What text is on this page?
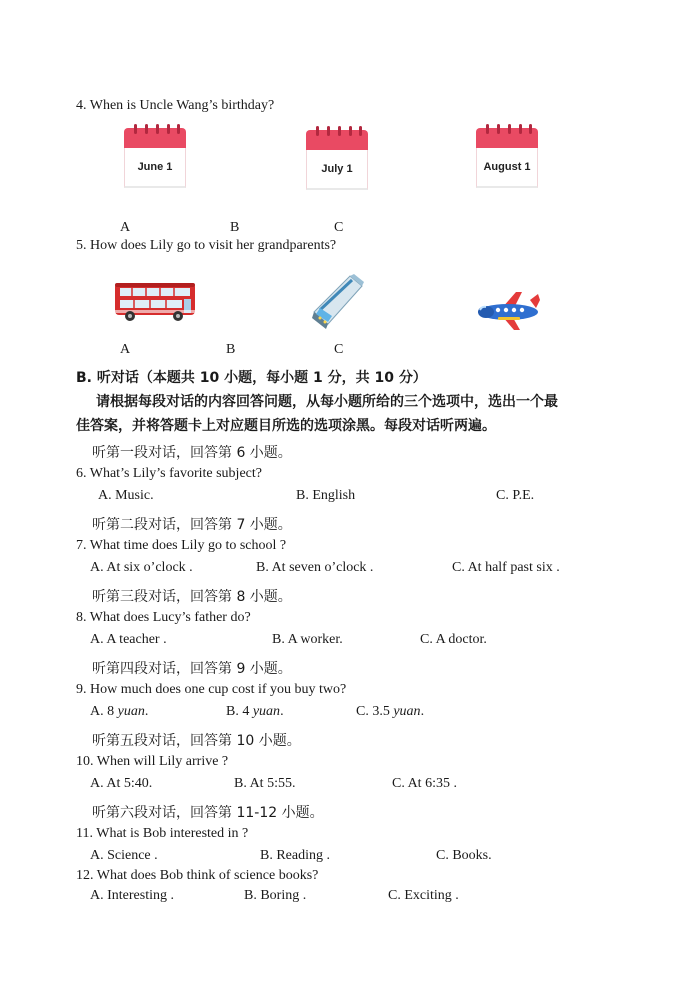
4. When is Uncle Wang’s birthday?
June 1	July 1	August 1
A	B	C
5. How does Lily go to visit her grandparents?
A	B	C
B. 听对话（本题共 10 小题，每小题 1 分，共 10 分）
请根据每段对话的内容回答问题，从每小题所给的三个选项中，选出一个最
佳答案，并将答题卡上对应题目所选的选项涂黑。每段对话听两遍。
听第一段对话，回答第 6 小题。
6. What’s Lily’s favorite subject?
A. Music.	B. English	C. P.E.
听第二段对话，回答第 7 小题。
7. What time does Lily go to school ?
A. At six o’clock .	B. At seven o’clock .	C. At half past six .
听第三段对话，回答第 8 小题。
8. What does Lucy’s father do?
A. A teacher .	B. A worker.	C. A doctor.
听第四段对话，回答第 9 小题。
9. How much does one cup cost if you buy two?
A. 8 yuan.	B. 4 yuan.	C. 3.5 yuan.
听第五段对话，回答第 10 小题。
10. When will Lily arrive ?
A. At 5:40.	B. At 5:55.	C. At 6:35 .
听第六段对话，回答第 11-12 小题。
11. What is Bob interested in ?
A. Science .	B. Reading .	C. Books.
12. What does Bob think of science books?
A. Interesting .	B. Boring .	C. Exciting .
